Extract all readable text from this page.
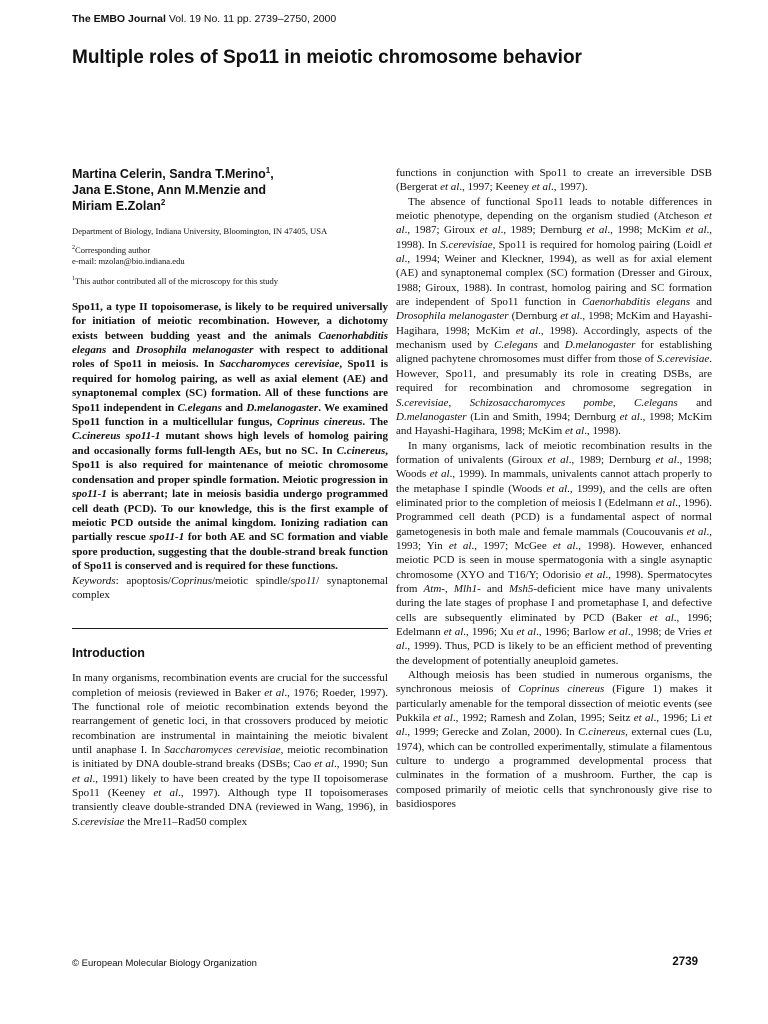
The EMBO Journal Vol. 19 No. 11 pp. 2739–2750, 2000
Multiple roles of Spo11 in meiotic chromosome behavior

Martina Celerin, Sandra T.Merino$^1$,
Jana E.Stone, Ann M.Menzie and
Miriam E.Zolan$^2$

Department of Biology, Indiana University, Bloomington, IN 47405, USA

$^2$Corresponding author
e-mail: mzolan@bio.indiana.edu

$^1$This author contributed all of the microscopy for this study

Spo11, a type II topoisomerase, is likely to be required universally for initiation of meiotic recombination. However, a dichotomy exists between budding yeast and the animals Caenorhabditis elegans and Drosophila melanogaster with respect to additional roles of Spo11 in meiosis. In Saccharomyces cerevisiae, Spo11 is required for homolog pairing, as well as axial element (AE) and synaptonemal complex (SC) formation. All of these functions are Spo11 independent in C.elegans and D.melanogaster. We examined Spo11 function in a multicellular fungus, Coprinus cinereus. The C.cinereus spo11-1 mutant shows high levels of homolog pairing and occasionally forms full-length AEs, but no SC. In C.cinereus, Spo11 is also required for maintenance of meiotic chromosome condensation and proper spindle formation. Meiotic progression in spo11-1 is aberrant; late in meiosis basidia undergo programmed cell death (PCD). To our knowledge, this is the first example of meiotic PCD outside the animal kingdom. Ionizing radiation can partially rescue spo11-1 for both AE and SC formation and viable spore production, suggesting that the double-strand break function of Spo11 is conserved and is required for these functions.

Keywords: apoptosis/Coprinus/meiotic spindle/spo11/ synaptonemal complex

Introduction

In many organisms, recombination events are crucial for the successful completion of meiosis (reviewed in Baker et al., 1976; Roeder, 1997). The functional role of meiotic recombination extends beyond the rearrangement of genetic loci, in that crossovers produced by meiotic recombination are instrumental in maintaining the meiotic bivalent until anaphase I. In Saccharomyces cerevisiae, meiotic recombination is initiated by DNA double-strand breaks (DSBs; Cao et al., 1990; Sun et al., 1991) likely to have been created by the type II topoisomerase Spo11 (Keeney et al., 1997). Although type II topoisomerases transiently cleave double-stranded DNA (reviewed in Wang, 1996), in S.cerevisiae the Mre11–Rad50 complex

functions in conjunction with Spo11 to create an irreversible DSB (Bergerat et al., 1997; Keeney et al., 1997).

The absence of functional Spo11 leads to notable differences in meiotic phenotype, depending on the organism studied (Atcheson et al., 1987; Giroux et al., 1989; Dernburg et al., 1998; McKim et al., 1998). In S.cerevisiae, Spo11 is required for homolog pairing (Loidl et al., 1994; Weiner and Kleckner, 1994), as well as for axial element (AE) and synaptonemal complex (SC) formation (Dresser and Giroux, 1988; Giroux, 1988). In contrast, homolog pairing and SC formation are independent of Spo11 function in Caenorhabditis elegans and Drosophila melanogaster (Dernburg et al., 1998; McKim and Hayashi-Hagihara, 1998; McKim et al., 1998). Accordingly, aspects of the mechanism used by C.elegans and D.melanogaster for establishing aligned pachytene chromosomes must differ from those of S.cerevisiae. However, Spo11, and presumably its role in creating DSBs, are required for recombination and chromosome segregation in S.cerevisiae, Schizosaccharomyces pombe, C.elegans and D.melanogaster (Lin and Smith, 1994; Dernburg et al., 1998; McKim and Hayashi-Hagihara, 1998; McKim et al., 1998).

In many organisms, lack of meiotic recombination results in the formation of univalents (Giroux et al., 1989; Dernburg et al., 1998; Woods et al., 1999). In mammals, univalents cannot attach properly to the metaphase I spindle (Woods et al., 1999), and the cells are often eliminated prior to the completion of meiosis I (Edelmann et al., 1996). Programmed cell death (PCD) is a fundamental aspect of normal gametogenesis in both male and female mammals (Coucouvanis et al., 1993; Yin et al., 1997; McGee et al., 1998). However, enhanced meiotic PCD is seen in mouse spermatogonia with a single asynaptic chromosome (XYO and T16/Y; Odorisio et al., 1998). Spermatocytes from Atm-, Mlh1- and Msh5-deficient mice have many univalents during the late stages of prophase I and prometaphase I, and defective cells are subsequently eliminated by PCD (Baker et al., 1996; Edelmann et al., 1996; Xu et al., 1996; Barlow et al., 1998; de Vries et al., 1999). Thus, PCD is likely to be an efficient method of preventing the development of potentially aneuploid gametes.

Although meiosis has been studied in numerous organisms, the synchronous meiosis of Coprinus cinereus (Figure 1) makes it particularly amenable for the temporal dissection of meiotic events (see Pukkila et al., 1992; Ramesh and Zolan, 1995; Seitz et al., 1996; Li et al., 1999; Gerecke and Zolan, 2000). In C.cinereus, external cues (Lu, 1974), which can be controlled experimentally, stimulate a filamentous culture to undergo a programmed developmental process that culminates in the formation of a mushroom. Further, the cap is composed primarily of meiotic cells that synchronously give rise to basidiospores

© European Molecular Biology Organization	2739
